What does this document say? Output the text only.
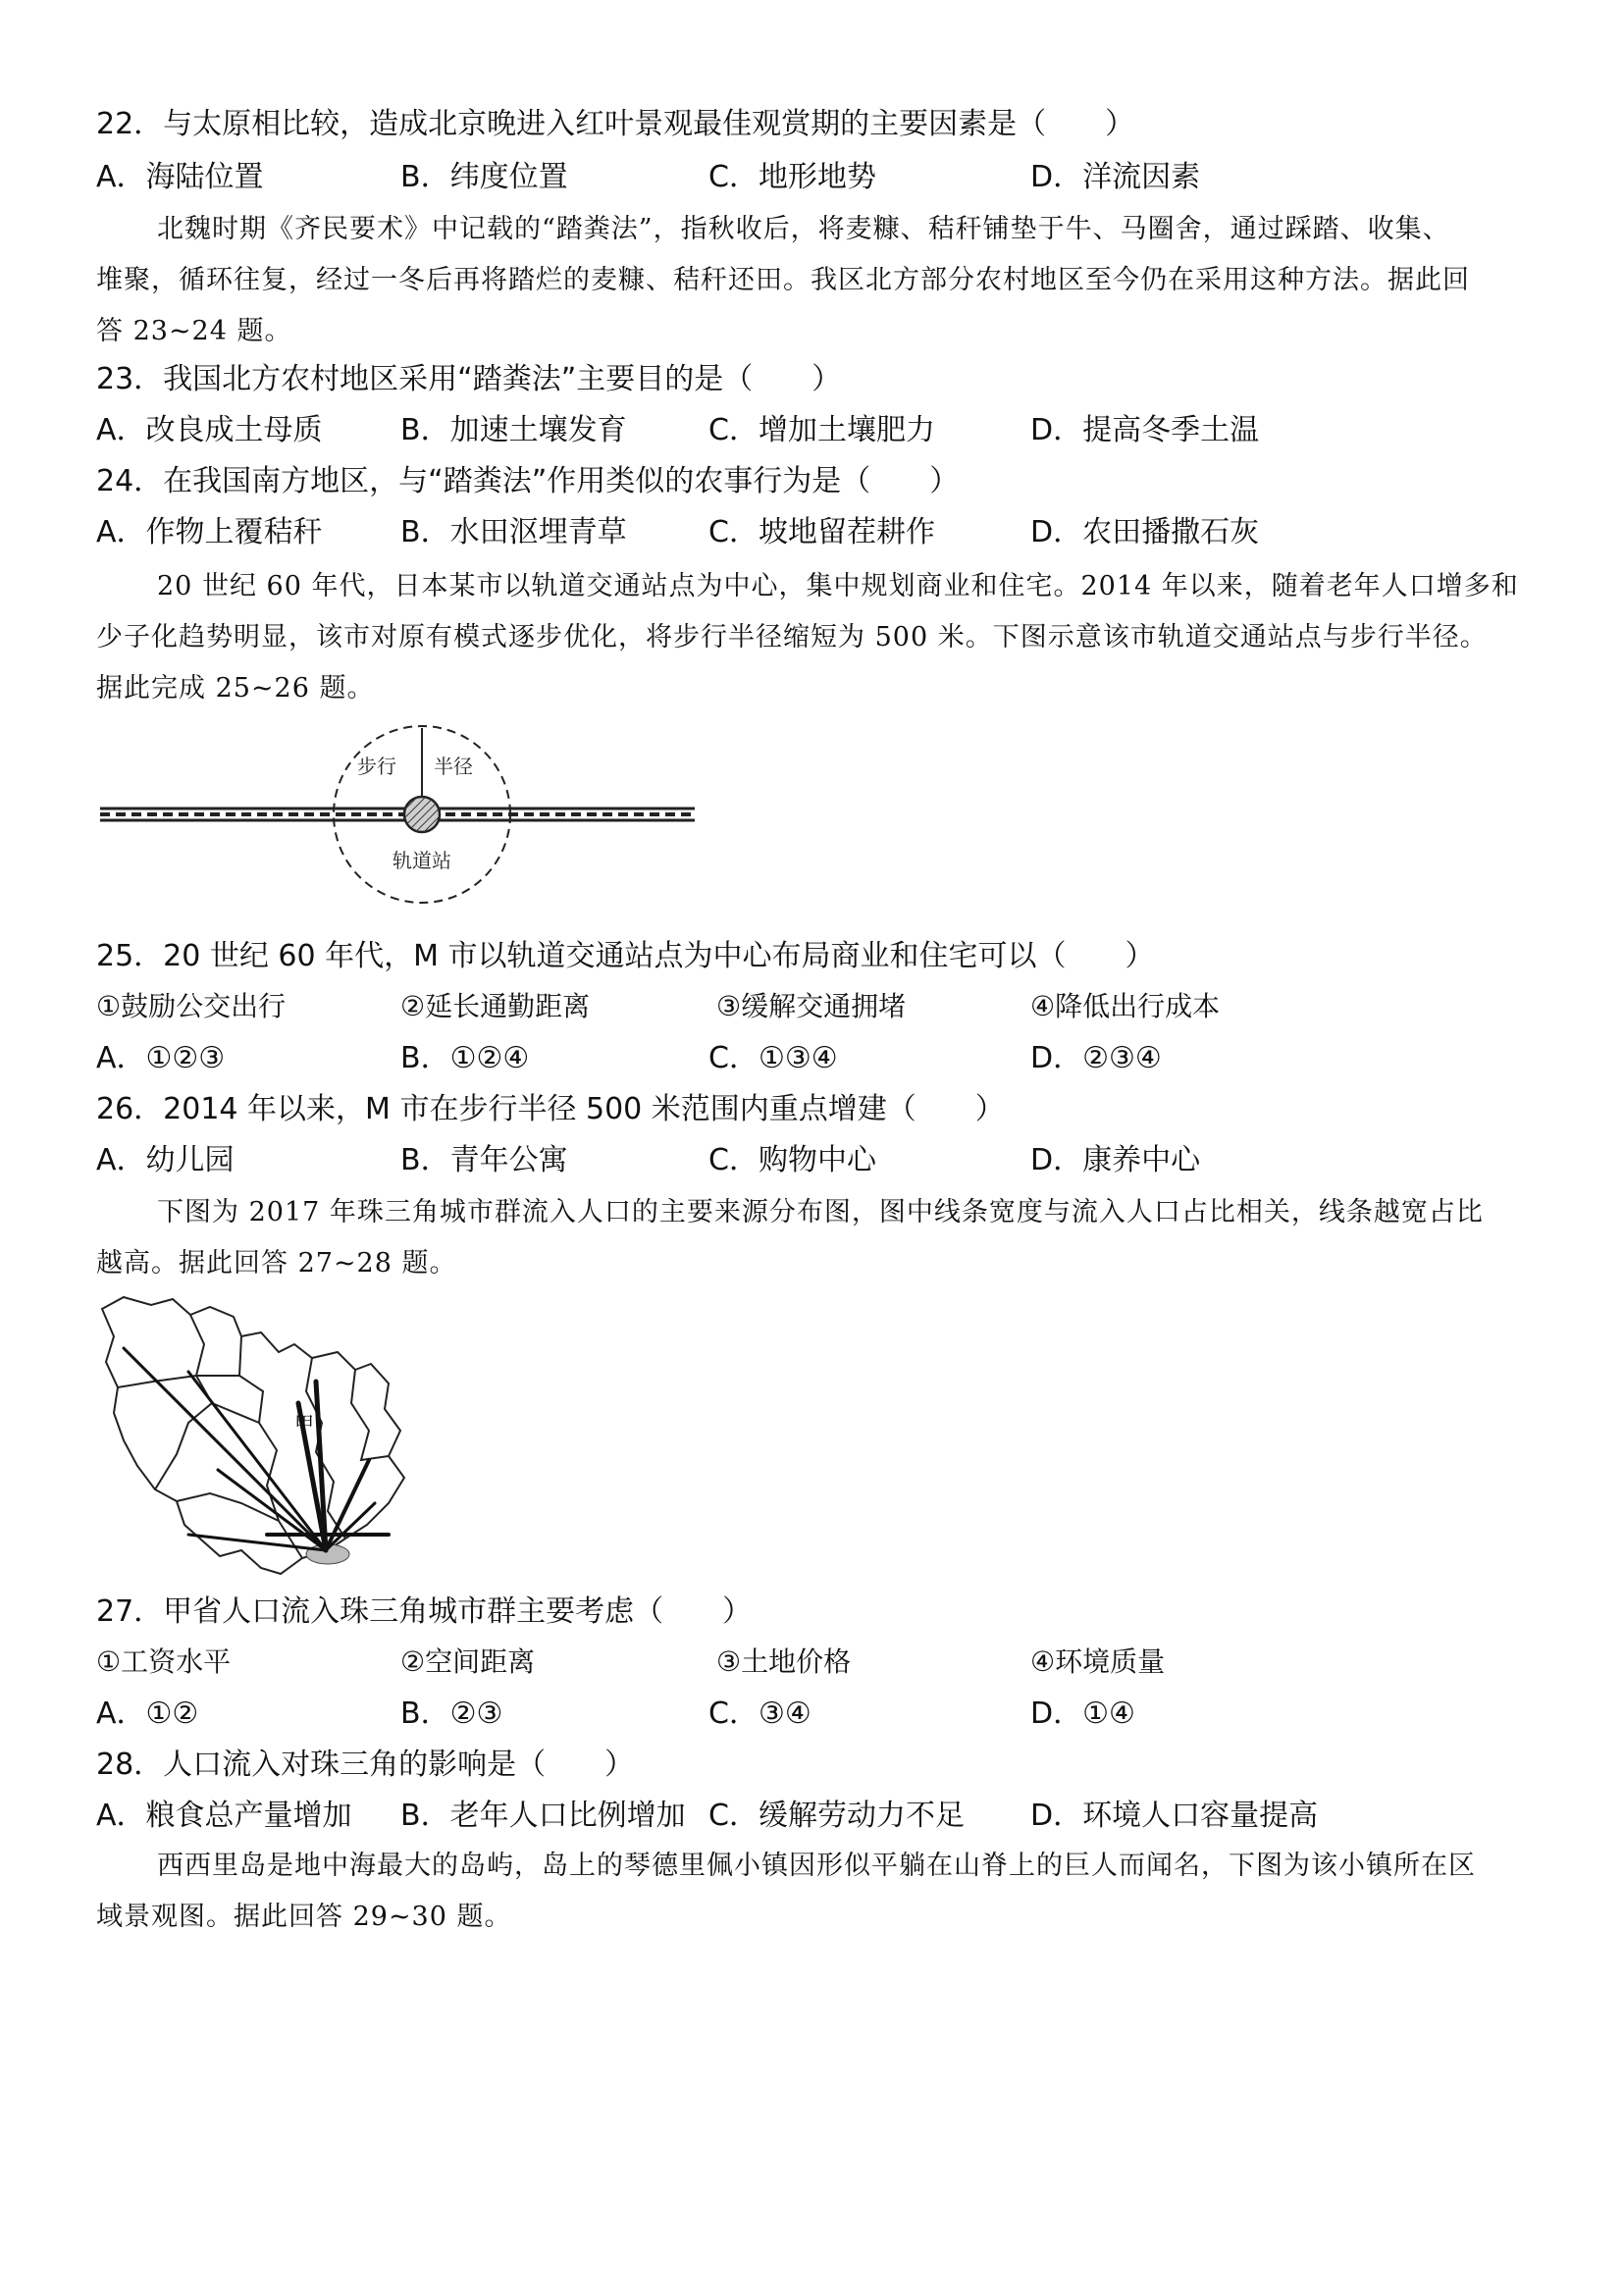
22．与太原相比较，造成北京晚进入红叶景观最佳观赏期的主要因素是（　　）
A．海陆位置	B．纬度位置	C．地形地势	D．洋流因素
北魏时期《齐民要术》中记载的“踏粪法”，指秋收后，将麦糠、秸秆铺垫于牛、马圈舍，通过踩踏、收集、
堆聚，循环往复，经过一冬后再将踏烂的麦糠、秸秆还田。我区北方部分农村地区至今仍在采用这种方法。据此回
答 23~24 题。
23．我国北方农村地区采用“踏粪法”主要目的是（　　）
A．改良成土母质	B．加速土壤发育	C．增加土壤肥力	D．提高冬季土温
24．在我国南方地区，与“踏粪法”作用类似的农事行为是（　　）
A．作物上覆秸秆	B．水田沤埋青草	C．坡地留茬耕作	D．农田播撒石灰
20 世纪 60 年代，日本某市以轨道交通站点为中心，集中规划商业和住宅。2014 年以来，随着老年人口增多和
少子化趋势明显，该市对原有模式逐步优化，将步行半径缩短为 500 米。下图示意该市轨道交通站点与步行半径。
据此完成 25~26 题。
步行 半径
轨道站
25．20 世纪 60 年代，M 市以轨道交通站点为中心布局商业和住宅可以（　　）
①鼓励公交出行	②延长通勤距离	③缓解交通拥堵	④降低出行成本
A．①②③	B．①②④	C．①③④	D．②③④
26．2014 年以来，M 市在步行半径 500 米范围内重点增建（　　）
A．幼儿园	B．青年公寓	C．购物中心	D．康养中心
下图为 2017 年珠三角城市群流入人口的主要来源分布图，图中线条宽度与流入人口占比相关，线条越宽占比
越高。据此回答 27~28 题。
甲
27．甲省人口流入珠三角城市群主要考虑（　　）
①工资水平	②空间距离	③土地价格	④环境质量
A．①②	B．②③	C．③④	D．①④
28．人口流入对珠三角的影响是（　　）
A．粮食总产量增加 B．老年人口比例增加 C．缓解劳动力不足 D．环境人口容量提高
西西里岛是地中海最大的岛屿，岛上的琴德里佩小镇因形似平躺在山脊上的巨人而闻名，下图为该小镇所在区
域景观图。据此回答 29~30 题。
